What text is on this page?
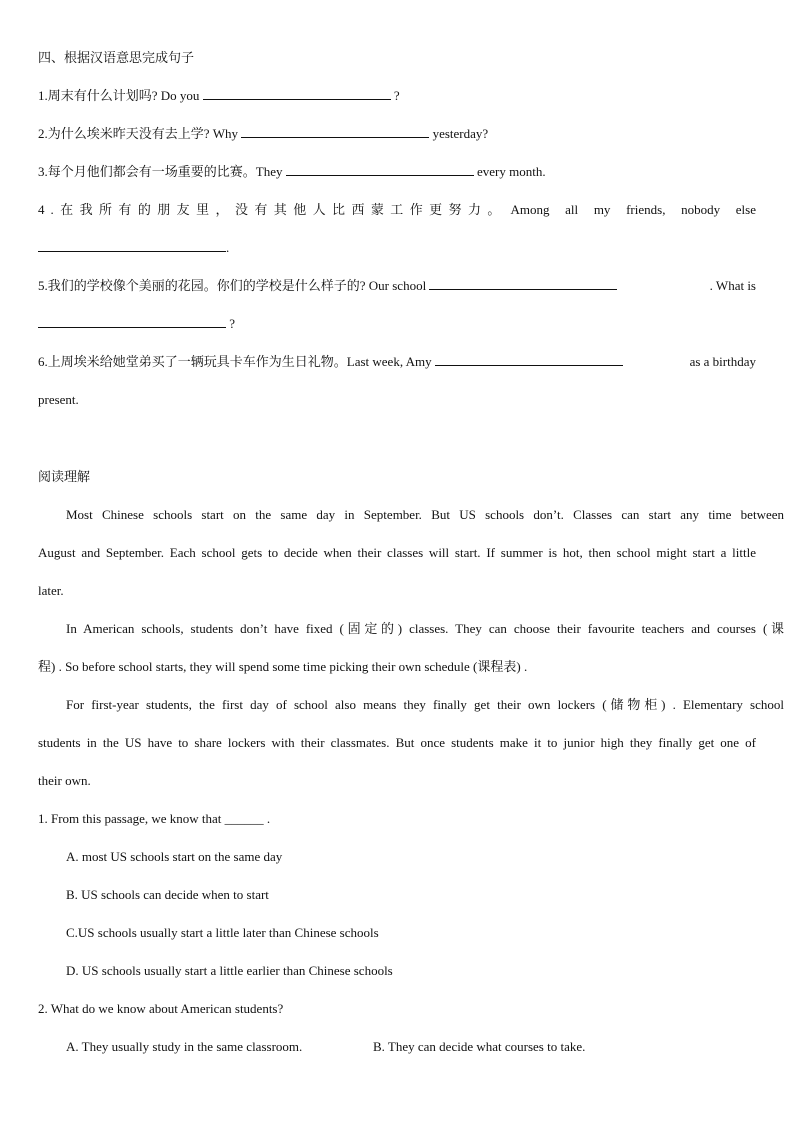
四、根据汉语意思完成句子
1.周末有什么计划吗? Do you	?
2.为什么埃米昨天没有去上学? Why	yesterday?
3.每个月他们都会有一场重要的比赛。They	every month.
4.在我所有的朋友里，没有其他人比西蒙工作更努力。 Among all my friends, nobody else
.
5.我们的学校像个美丽的花园。你们的学校是什么样子的? Our school	. What is
?
6.上周埃米给她堂弟买了一辆玩具卡车作为生日礼物。Last week, Amy	as a birthday
present.
阅读理解
Most Chinese schools start on the same day in September. But US schools don’t. Classes can start any time between
August and September. Each school gets to decide when their classes will start. If summer is hot, then school might start a little
later.
In American schools, students don’t have fixed (固定的) classes. They can choose their favourite teachers and courses (课
程) . So before school starts, they will spend some time picking their own schedule (课程表) .
For first-year students, the first day of school also means they finally get their own lockers (储物柜) . Elementary school
students in the US have to share lockers with their classmates. But once students make it to junior high they finally get one of
their own.
1. From this passage, we know that ______ .
A. most US schools start on the same day
B. US schools can decide when to start
C.US schools usually start a little later than Chinese schools
D. US schools usually start a little earlier than Chinese schools
2. What do we know about American students?
A. They usually study in the same classroom.	B. They can decide what courses to take.
